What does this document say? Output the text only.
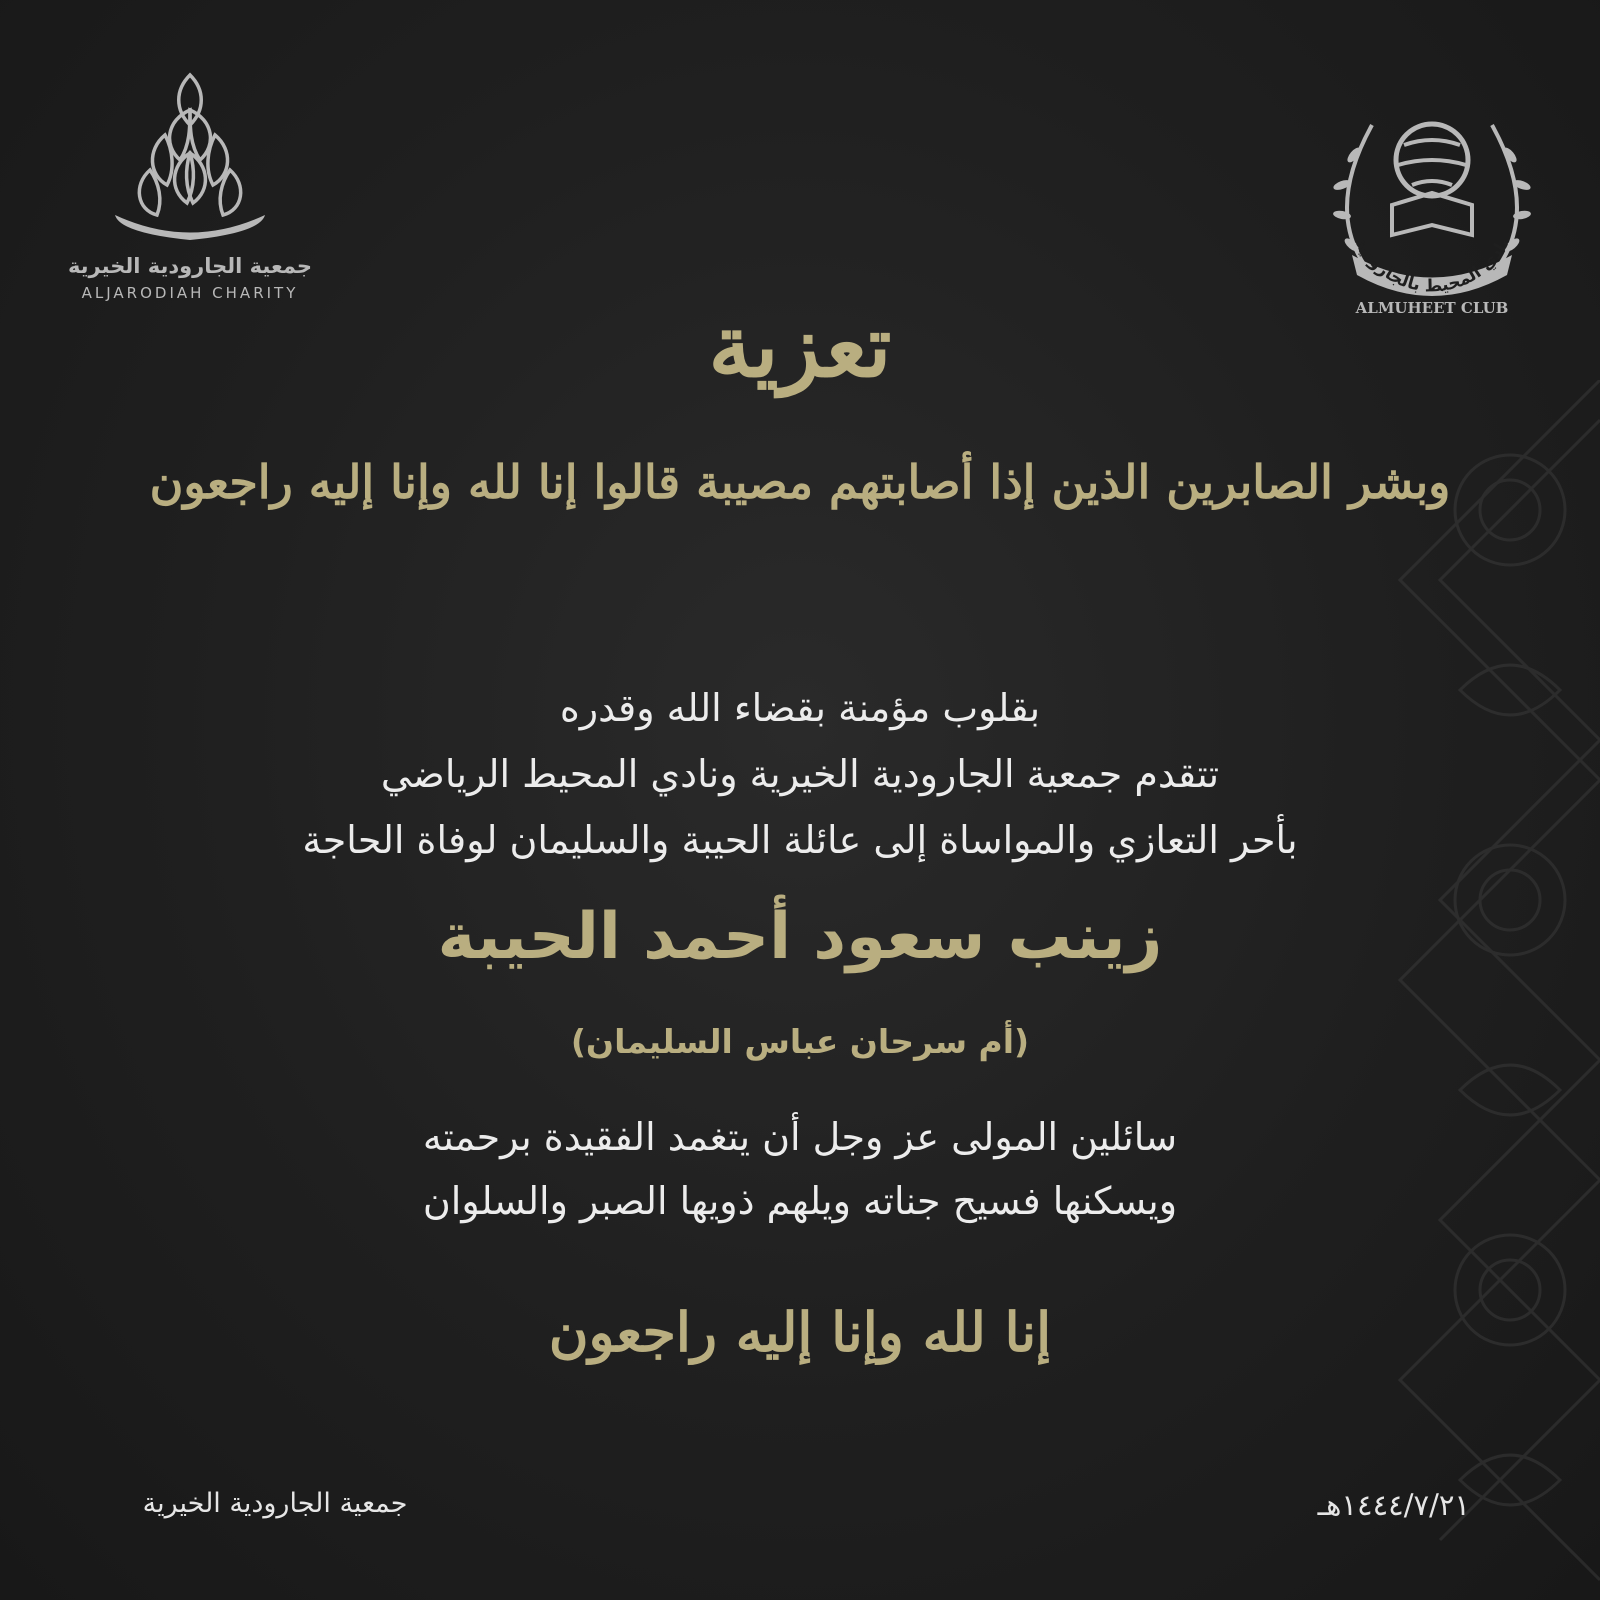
جمعية الجارودية الخيرية
ALJARODIAH CHARITY
نادي المحيط بالجارودية
ALMUHEET CLUB
تعزية
وبشر الصابرين الذين إذا أصابتهم مصيبة قالوا إنا لله وإنا إليه راجعون
بقلوب مؤمنة بقضاء الله وقدره
تتقدم جمعية الجارودية الخيرية ونادي المحيط الرياضي
بأحر التعازي والمواساة إلى عائلة الحيبة والسليمان لوفاة الحاجة
زينب سعود أحمد الحيبة
(أم سرحان عباس السليمان)
سائلين المولى عز وجل أن يتغمد الفقيدة برحمته
ويسكنها فسيح جناته ويلهم ذويها الصبر والسلوان
إنا لله وإنا إليه راجعون
جمعية الجارودية الخيرية	١٤٤٤/٧/٢١هـ
